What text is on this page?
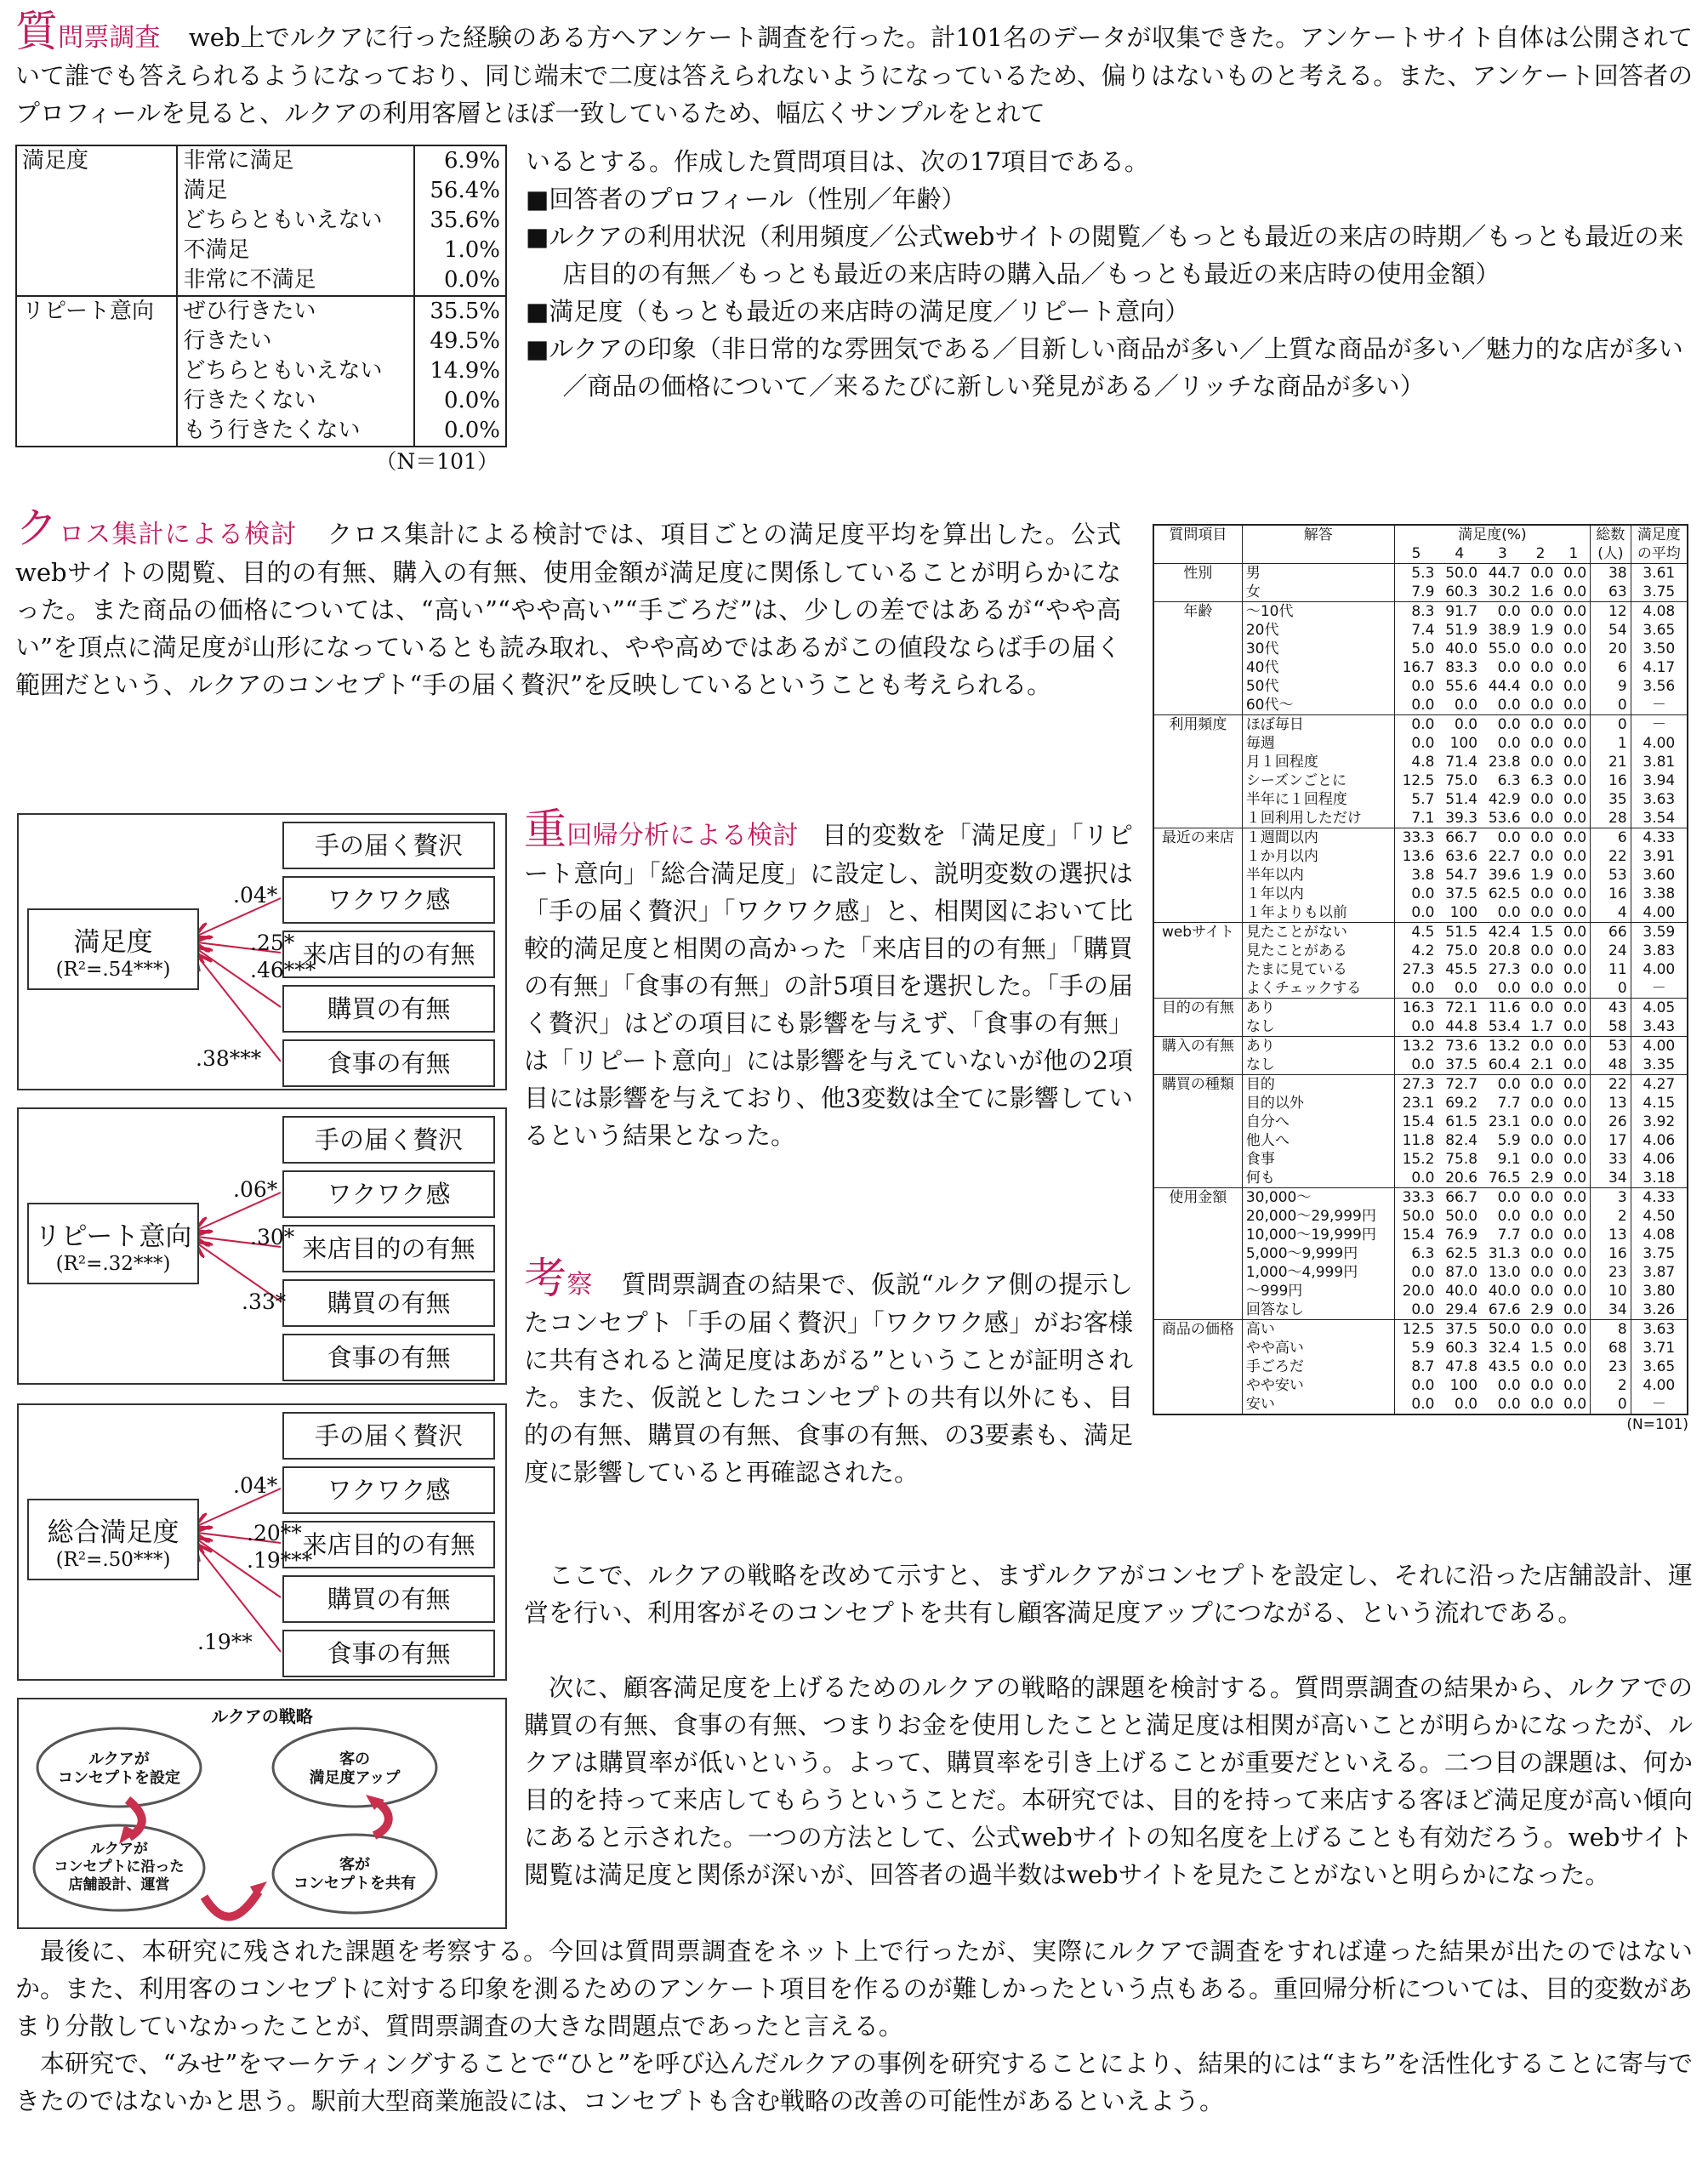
質問票調査 web上でルクアに行った経験のある方へアンケート調査を行った。計101名のデータが収集できた。アンケートサイト自体は公開されていて誰でも答えられるようになっており、同じ端末で二度は答えられないようになっているため、偏りはないものと考える。また、アンケート回答者のプロフィールを見ると、ルクアの利用客層とほぼ一致しているため、幅広くサンプルをとれて
満足度	非常に満足	6.9%
	満足	56.4%
	どちらともいえない	35.6%
	不満足	1.0%
	非常に不満足	0.0%
リピート意向	ぜひ行きたい	35.5%
	行きたい	49.5%
	どちらともいえない	14.9%
	行きたくない	0.0%
	もう行きたくない	0.0%
（N＝101）
いるとする。作成した質問項目は、次の17項目である。
■回答者のプロフィール（性別／年齢）
■ルクアの利用状況（利用頻度／公式webサイトの閲覧／もっとも最近の来店の時期／もっとも最近の来店目的の有無／もっとも最近の来店時の購入品／もっとも最近の来店時の使用金額）
■満足度（もっとも最近の来店時の満足度／リピート意向）
■ルクアの印象（非日常的な雰囲気である／目新しい商品が多い／上質な商品が多い／魅力的な店が多い／商品の価格について／来るたびに新しい発見がある／リッチな商品が多い）
クロス集計による検討 クロス集計による検討では、項目ごとの満足度平均を算出した。公式webサイトの閲覧、目的の有無、購入の有無、使用金額が満足度に関係していることが明らかになった。また商品の価格については、“高い”“やや高い”“手ごろだ”は、少しの差ではあるが“やや高い”を頂点に満足度が山形になっているとも読み取れ、やや高めではあるがこの値段ならば手の届く範囲だという、ルクアのコンセプト“手の届く贅沢”を反映しているということも考えられる。
質問項目	解答	満足度(%)					総数	満足度
		5	4	3	2	1	(人)	の平均
性別	男	5.3	50.0	44.7	0.0	0.0	38	3.61
	女	7.9	60.3	30.2	1.6	0.0	63	3.75
年齢	～10代	8.3	91.7	0.0	0.0	0.0	12	4.08
	20代	7.4	51.9	38.9	1.9	0.0	54	3.65
	30代	5.0	40.0	55.0	0.0	0.0	20	3.50
	40代	16.7	83.3	0.0	0.0	0.0	6	4.17
	50代	0.0	55.6	44.4	0.0	0.0	9	3.56
	60代～	0.0	0.0	0.0	0.0	0.0	0	－
利用頻度	ほぼ毎日	0.0	0.0	0.0	0.0	0.0	0	－
	毎週	0.0	100	0.0	0.0	0.0	1	4.00
	月１回程度	4.8	71.4	23.8	0.0	0.0	21	3.81
	シーズンごとに	12.5	75.0	6.3	6.3	0.0	16	3.94
	半年に１回程度	5.7	51.4	42.9	0.0	0.0	35	3.63
	１回利用しただけ	7.1	39.3	53.6	0.0	0.0	28	3.54
最近の来店	１週間以内	33.3	66.7	0.0	0.0	0.0	6	4.33
	１か月以内	13.6	63.6	22.7	0.0	0.0	22	3.91
	半年以内	3.8	54.7	39.6	1.9	0.0	53	3.60
	１年以内	0.0	37.5	62.5	0.0	0.0	16	3.38
	１年よりも以前	0.0	100	0.0	0.0	0.0	4	4.00
webサイト	見たことがない	4.5	51.5	42.4	1.5	0.0	66	3.59
	見たことがある	4.2	75.0	20.8	0.0	0.0	24	3.83
	たまに見ている	27.3	45.5	27.3	0.0	0.0	11	4.00
	よくチェックする	0.0	0.0	0.0	0.0	0.0	0	－
目的の有無	あり	16.3	72.1	11.6	0.0	0.0	43	4.05
	なし	0.0	44.8	53.4	1.7	0.0	58	3.43
購入の有無	あり	13.2	73.6	13.2	0.0	0.0	53	4.00
	なし	0.0	37.5	60.4	2.1	0.0	48	3.35
購買の種類	目的	27.3	72.7	0.0	0.0	0.0	22	4.27
	目的以外	23.1	69.2	7.7	0.0	0.0	13	4.15
	自分へ	15.4	61.5	23.1	0.0	0.0	26	3.92
	他人へ	11.8	82.4	5.9	0.0	0.0	17	4.06
	食事	15.2	75.8	9.1	0.0	0.0	33	4.06
	何も	0.0	20.6	76.5	2.9	0.0	34	3.18
使用金額	30,000～	33.3	66.7	0.0	0.0	0.0	3	4.33
	20,000～29,999円	50.0	50.0	0.0	0.0	0.0	2	4.50
	10,000～19,999円	15.4	76.9	7.7	0.0	0.0	13	4.08
	5,000～9,999円	6.3	62.5	31.3	0.0	0.0	16	3.75
	1,000～4,999円	0.0	87.0	13.0	0.0	0.0	23	3.87
	～999円	20.0	40.0	40.0	0.0	0.0	10	3.80
	回答なし	0.0	29.4	67.6	2.9	0.0	34	3.26
商品の価格	高い	12.5	37.5	50.0	0.0	0.0	8	3.63
	やや高い	5.9	60.3	32.4	1.5	0.0	68	3.71
	手ごろだ	8.7	47.8	43.5	0.0	0.0	23	3.65
	やや安い	0.0	100	0.0	0.0	0.0	2	4.00
	安い	0.0	0.0	0.0	0.0	0.0	0	－
(N=101)
重回帰分析による検討 目的変数を「満足度」「リピート意向」「総合満足度」に設定し、説明変数の選択は「手の届く贅沢」「ワクワク感」と、相関図において比較的満足度と相関の高かった「来店目的の有無」「購買の有無」「食事の有無」の計5項目を選択した。「手の届く贅沢」はどの項目にも影響を与えず、「食事の有無」は「リピート意向」には影響を与えていないが他の2項目には影響を与えており、他3変数は全てに影響しているという結果となった。
考察 質問票調査の結果で、仮説“ルクア側の提示したコンセプト「手の届く贅沢」「ワクワク感」がお客様に共有されると満足度はあがる”ということが証明された。また、仮説としたコンセプトの共有以外にも、目的の有無、購買の有無、食事の有無、の3要素も、満足度に影響していると再確認された。
ここで、ルクアの戦略を改めて示すと、まずルクアがコンセプトを設定し、それに沿った店舗設計、運営を行い、利用客がそのコンセプトを共有し顧客満足度アップにつながる、という流れである。
次に、顧客満足度を上げるためのルクアの戦略的課題を検討する。質問票調査の結果から、ルクアでの購買の有無、食事の有無、つまりお金を使用したことと満足度は相関が高いことが明らかになったが、ルクアは購買率が低いという。よって、購買率を引き上げることが重要だといえる。二つ目の課題は、何か目的を持って来店してもらうということだ。本研究では、目的を持って来店する客ほど満足度が高い傾向にあると示された。一つの方法として、公式webサイトの知名度を上げることも有効だろう。webサイト閲覧は満足度と関係が深いが、回答者の過半数はwebサイトを見たことがないと明らかになった。
最後に、本研究に残された課題を考察する。今回は質問票調査をネット上で行ったが、実際にルクアで調査をすれば違った結果が出たのではないか。また、利用客のコンセプトに対する印象を測るためのアンケート項目を作るのが難しかったという点もある。重回帰分析については、目的変数があまり分散していなかったことが、質問票調査の大きな問題点であったと言える。
本研究で、“みせ”をマーケティングすることで“ひと”を呼び込んだルクアの事例を研究することにより、結果的には“まち”を活性化することに寄与できたのではないかと思う。駅前大型商業施設には、コンセプトも含む戦略の改善の可能性があるといえよう。
満足度
(R²=.54***)
手の届く贅沢
ワクワク感
来店目的の有無
購買の有無
食事の有無
.04*
.25*
.46***
.38***
リピート意向
(R²=.32***)
手の届く贅沢
ワクワク感
来店目的の有無
購買の有無
食事の有無
.06*
.30*
.33*
総合満足度
(R²=.50***)
手の届く贅沢
ワクワク感
来店目的の有無
購買の有無
食事の有無
.04*
.20**
.19***
.19**
ルクアの戦略
ルクアが
コンセプトを設定
客の
満足度アップ
ルクアが
コンセプトに沿った
店舗設計、運営
客が
コンセプトを共有
